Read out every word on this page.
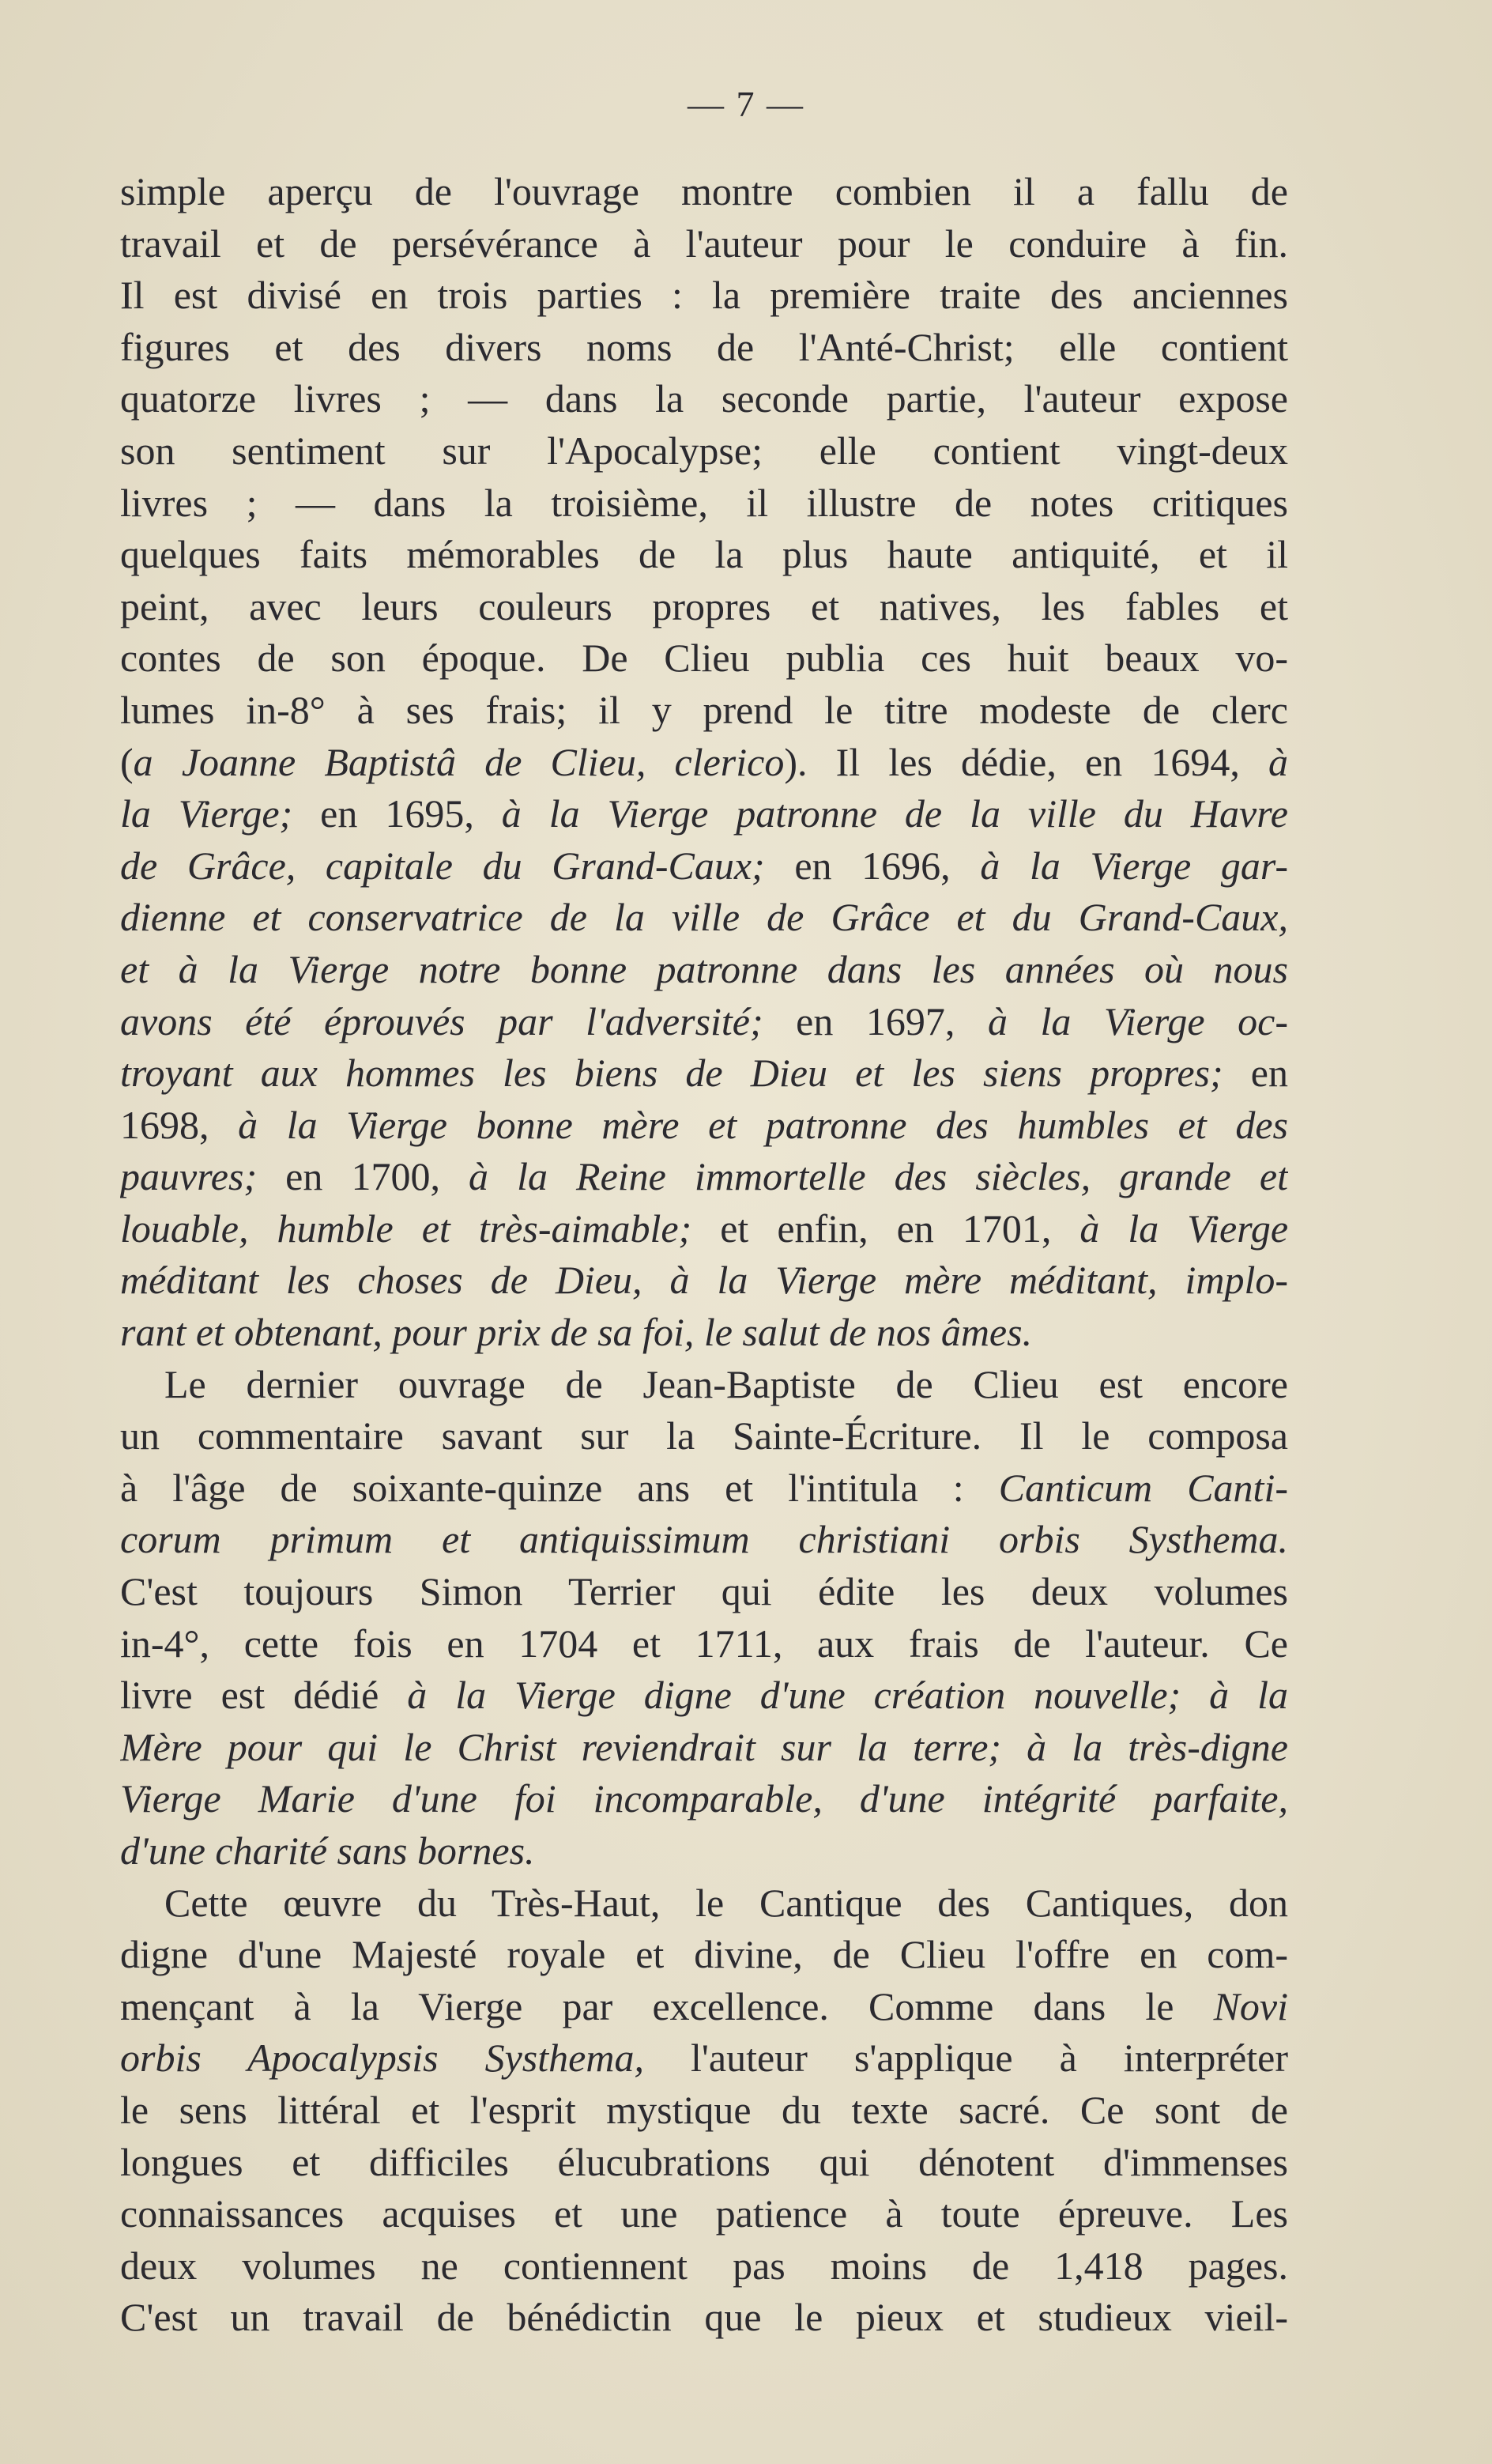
— 7 —
simple aperçu de l'ouvrage montre combien il a fallu de
travail et de persévérance à l'auteur pour le conduire à fin.
Il est divisé en trois parties : la première traite des anciennes
figures et des divers noms de l'Anté-Christ; elle contient
quatorze livres ; — dans la seconde partie, l'auteur expose
son sentiment sur l'Apocalypse; elle contient vingt-deux
livres ; — dans la troisième, il illustre de notes critiques
quelques faits mémorables de la plus haute antiquité, et il
peint, avec leurs couleurs propres et natives, les fables et
contes de son époque. De Clieu publia ces huit beaux vo-
lumes in-8° à ses frais; il y prend le titre modeste de clerc
(a Joanne Baptistâ de Clieu, clerico). Il les dédie, en 1694, à
la Vierge; en 1695, à la Vierge patronne de la ville du Havre
de Grâce, capitale du Grand-Caux; en 1696, à la Vierge gar-
dienne et conservatrice de la ville de Grâce et du Grand-Caux,
et à la Vierge notre bonne patronne dans les années où nous
avons été éprouvés par l'adversité; en 1697, à la Vierge oc-
troyant aux hommes les biens de Dieu et les siens propres; en
1698, à la Vierge bonne mère et patronne des humbles et des
pauvres; en 1700, à la Reine immortelle des siècles, grande et
louable, humble et très-aimable; et enfin, en 1701, à la Vierge
méditant les choses de Dieu, à la Vierge mère méditant, implo-
rant et obtenant, pour prix de sa foi, le salut de nos âmes.
Le dernier ouvrage de Jean-Baptiste de Clieu est encore
un commentaire savant sur la Sainte-Écriture. Il le composa
à l'âge de soixante-quinze ans et l'intitula : Canticum Canti-
corum primum et antiquissimum christiani orbis Systhema.
C'est toujours Simon Terrier qui édite les deux volumes
in-4°, cette fois en 1704 et 1711, aux frais de l'auteur. Ce
livre est dédié à la Vierge digne d'une création nouvelle; à la
Mère pour qui le Christ reviendrait sur la terre; à la très-digne
Vierge Marie d'une foi incomparable, d'une intégrité parfaite,
d'une charité sans bornes.
Cette œuvre du Très-Haut, le Cantique des Cantiques, don
digne d'une Majesté royale et divine, de Clieu l'offre en com-
mençant à la Vierge par excellence. Comme dans le Novi
orbis Apocalypsis Systhema, l'auteur s'applique à interpréter
le sens littéral et l'esprit mystique du texte sacré. Ce sont de
longues et difficiles élucubrations qui dénotent d'immenses
connaissances acquises et une patience à toute épreuve. Les
deux volumes ne contiennent pas moins de 1,418 pages.
C'est un travail de bénédictin que le pieux et studieux vieil-
